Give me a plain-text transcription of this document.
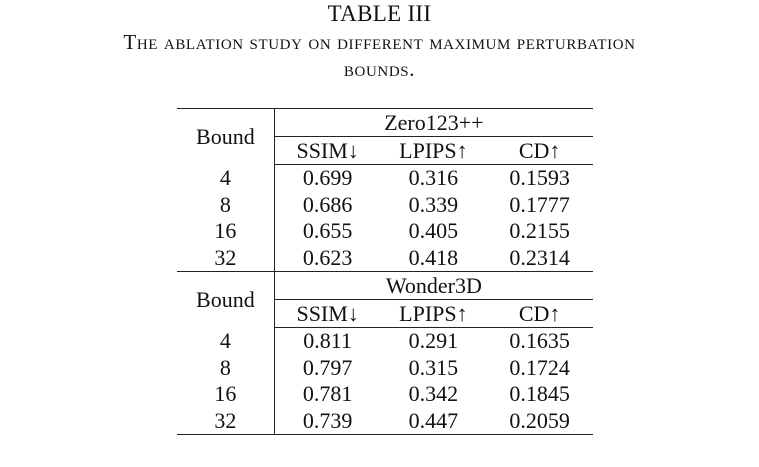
TABLE III
The ablation study on different maximum perturbation
bounds.
Bound	Zero123++		
	SSIM↓	LPIPS↑	CD↑
4	0.699	0.316	0.1593
8	0.686	0.339	0.1777
16	0.655	0.405	0.2155
32	0.623	0.418	0.2314
Bound	Wonder3D		
	SSIM↓	LPIPS↑	CD↑
4	0.811	0.291	0.1635
8	0.797	0.315	0.1724
16	0.781	0.342	0.1845
32	0.739	0.447	0.2059
